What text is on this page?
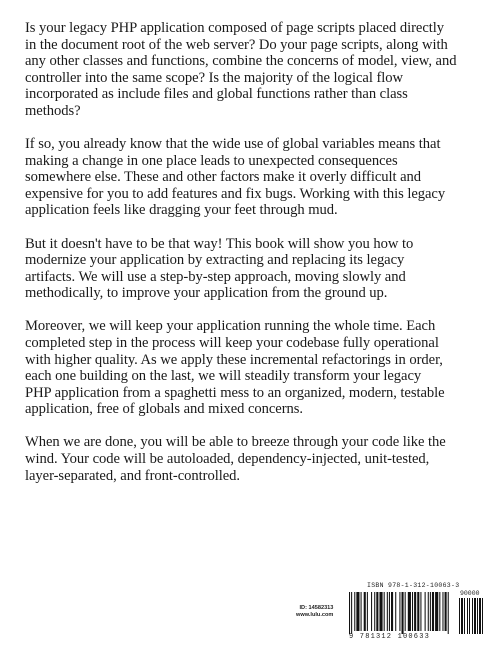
Is your legacy PHP application composed of page scripts placed directly
in the document root of the web server? Do your page scripts, along with
any other classes and functions, combine the concerns of model, view, and
controller into the same scope? Is the majority of the logical flow
incorporated as include files and global functions rather than class
methods?

If so, you already know that the wide use of global variables means that
making a change in one place leads to unexpected consequences
somewhere else. These and other factors make it overly difficult and
expensive for you to add features and fix bugs. Working with this legacy
application feels like dragging your feet through mud.

But it doesn't have to be that way! This book will show you how to
modernize your application by extracting and replacing its legacy
artifacts. We will use a step-by-step approach, moving slowly and
methodically, to improve your application from the ground up.

Moreover, we will keep your application running the whole time. Each
completed step in the process will keep your codebase fully operational
with higher quality. As we apply these incremental refactorings in order,
each one building on the last, we will steadily transform your legacy
PHP application from a spaghetti mess to an organized, modern, testable
application, free of globals and mixed concerns.

When we are done, you will be able to breeze through your code like the
wind. Your code will be autoloaded, dependency-injected, unit-tested,
layer-separated, and front-controlled.

ID: 14582313
www.lulu.com
ISBN 978-1-312-10063-3
90000
9 781312 100633
